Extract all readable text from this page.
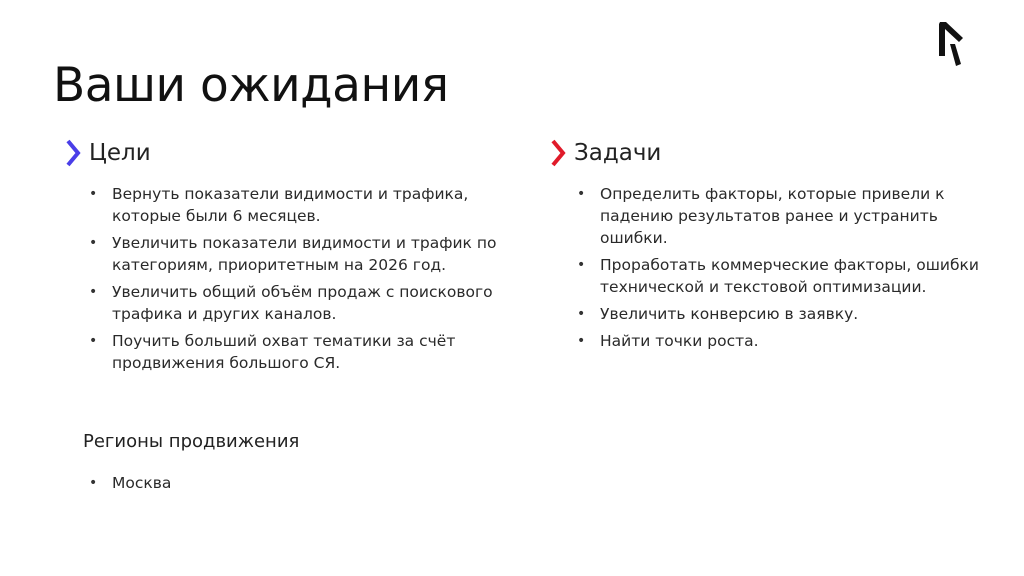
Ваши ожидания
Цели
• Вернуть показатели видимости и трафика, которые были 6 месяцев.
• Увеличить показатели видимости и трафик по категориям, приоритетным на 2026 год.
• Увеличить общий объём продаж с поискового трафика и других каналов.
• Поучить больший охват тематики за счёт продвижения большого СЯ.
Задачи
• Определить факторы, которые привели к падению результатов ранее и устранить ошибки.
• Проработать коммерческие факторы, ошибки технической и текстовой оптимизации.
• Увеличить конверсию в заявку.
• Найти точки роста.
Регионы продвижения
• Москва
